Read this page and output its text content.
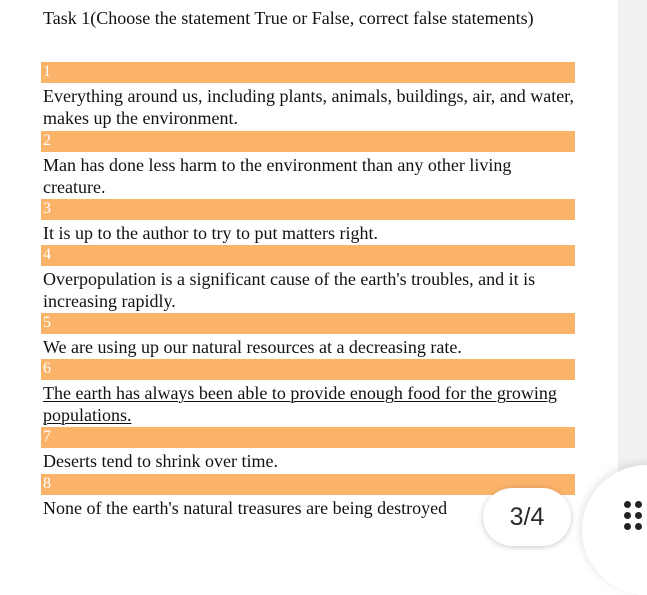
Task 1(Choose the statement True or False, correct false statements)
1
Everything around us, including plants, animals, buildings, air, and water, makes up the environment.
2
Man has done less harm to the environment than any other living creature.
3
It is up to the author to try to put matters right.
4
Overpopulation is a significant cause of the earth's troubles, and it is increasing rapidly.
5
We are using up our natural resources at a decreasing rate.
6
The earth has always been able to provide enough food for the growing populations.
7
Deserts tend to shrink over time.
8
None of the earth's natural treasures are being destroyed	3/4
